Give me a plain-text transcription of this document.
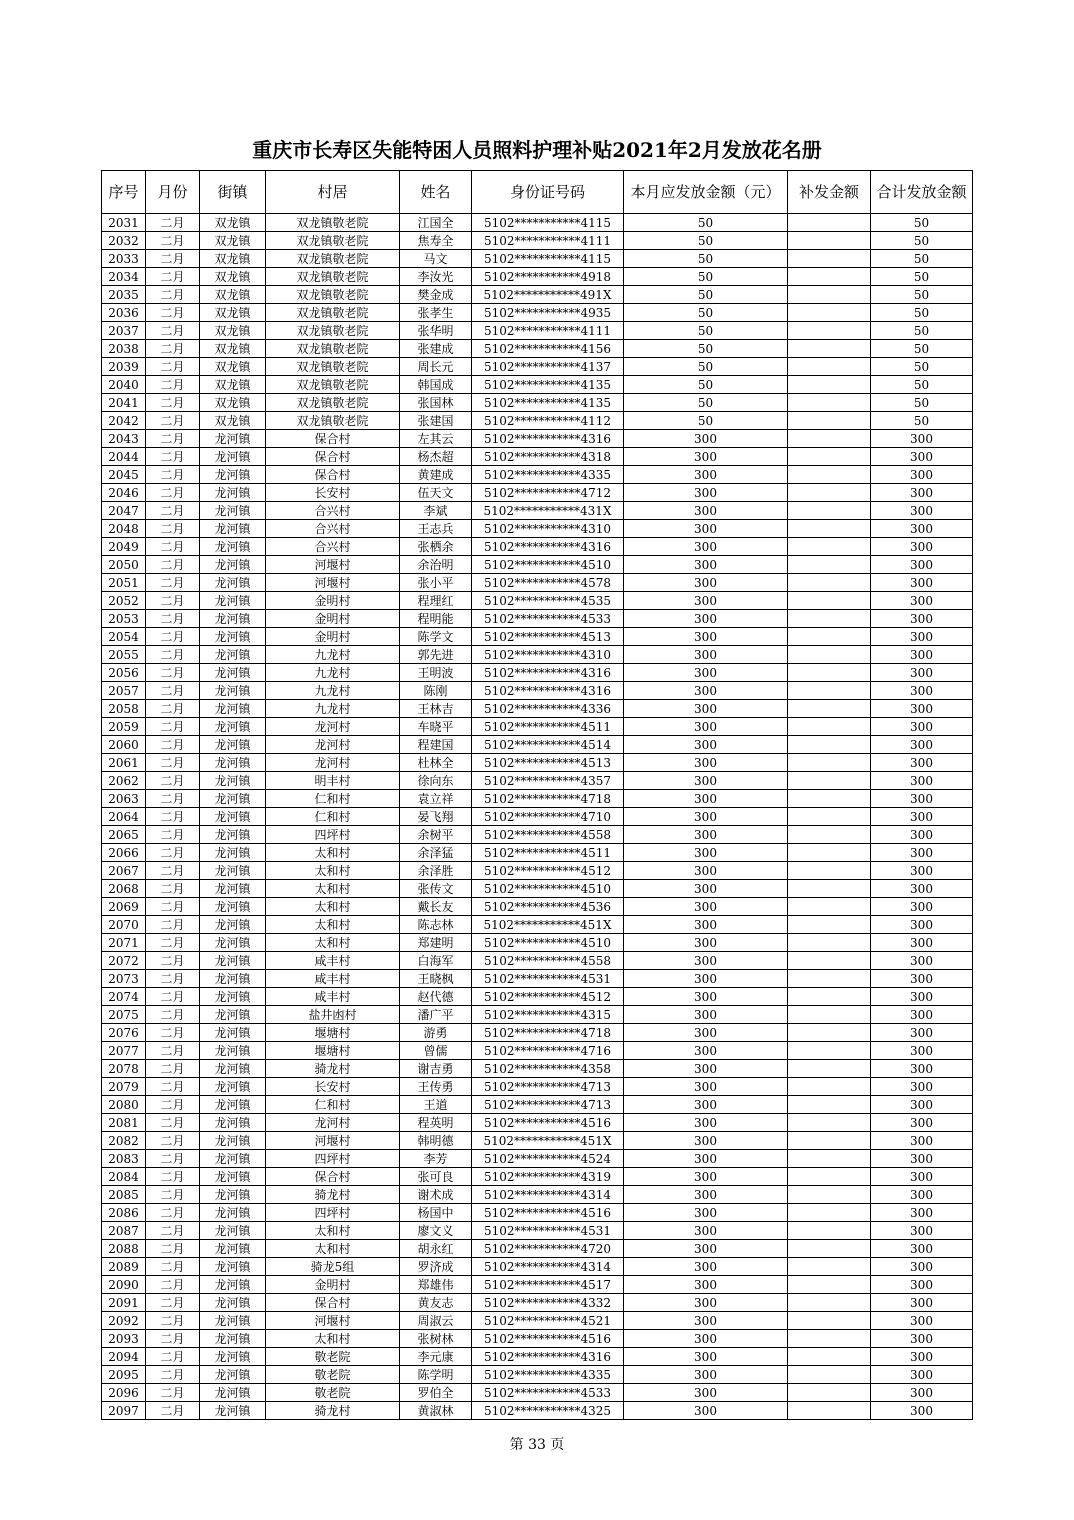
重庆市长寿区失能特困人员照料护理补贴2021年2月发放花名册
序号	月份	街镇	村居	姓名	身份证号码	本月应发放金额（元）	补发金额	合计发放金额
2031	二月	双龙镇	双龙镇敬老院	江国全	5102***********4115	50		50
2032	二月	双龙镇	双龙镇敬老院	焦寿全	5102***********4111	50		50
2033	二月	双龙镇	双龙镇敬老院	马文	5102***********4115	50		50
2034	二月	双龙镇	双龙镇敬老院	李汝光	5102***********4918	50		50
2035	二月	双龙镇	双龙镇敬老院	樊金成	5102***********491X	50		50
2036	二月	双龙镇	双龙镇敬老院	张孝生	5102***********4935	50		50
2037	二月	双龙镇	双龙镇敬老院	张华明	5102***********4111	50		50
2038	二月	双龙镇	双龙镇敬老院	张建成	5102***********4156	50		50
2039	二月	双龙镇	双龙镇敬老院	周长元	5102***********4137	50		50
2040	二月	双龙镇	双龙镇敬老院	韩国成	5102***********4135	50		50
2041	二月	双龙镇	双龙镇敬老院	张国林	5102***********4135	50		50
2042	二月	双龙镇	双龙镇敬老院	张建国	5102***********4112	50		50
2043	二月	龙河镇	保合村	左其云	5102***********4316	300		300
2044	二月	龙河镇	保合村	杨杰超	5102***********4318	300		300
2045	二月	龙河镇	保合村	黄建成	5102***********4335	300		300
2046	二月	龙河镇	长安村	伍天文	5102***********4712	300		300
2047	二月	龙河镇	合兴村	李斌	5102***********431X	300		300
2048	二月	龙河镇	合兴村	王志兵	5102***********4310	300		300
2049	二月	龙河镇	合兴村	张栖余	5102***********4316	300		300
2050	二月	龙河镇	河堰村	余治明	5102***********4510	300		300
2051	二月	龙河镇	河堰村	张小平	5102***********4578	300		300
2052	二月	龙河镇	金明村	程理红	5102***********4535	300		300
2053	二月	龙河镇	金明村	程明能	5102***********4533	300		300
2054	二月	龙河镇	金明村	陈学文	5102***********4513	300		300
2055	二月	龙河镇	九龙村	郭先进	5102***********4310	300		300
2056	二月	龙河镇	九龙村	王明波	5102***********4316	300		300
2057	二月	龙河镇	九龙村	陈刚	5102***********4316	300		300
2058	二月	龙河镇	九龙村	王林吉	5102***********4336	300		300
2059	二月	龙河镇	龙河村	车晓平	5102***********4511	300		300
2060	二月	龙河镇	龙河村	程建国	5102***********4514	300		300
2061	二月	龙河镇	龙河村	杜林全	5102***********4513	300		300
2062	二月	龙河镇	明丰村	徐向东	5102***********4357	300		300
2063	二月	龙河镇	仁和村	袁立祥	5102***********4718	300		300
2064	二月	龙河镇	仁和村	晏飞翔	5102***********4710	300		300
2065	二月	龙河镇	四坪村	余树平	5102***********4558	300		300
2066	二月	龙河镇	太和村	余泽猛	5102***********4511	300		300
2067	二月	龙河镇	太和村	余泽胜	5102***********4512	300		300
2068	二月	龙河镇	太和村	张传文	5102***********4510	300		300
2069	二月	龙河镇	太和村	戴长友	5102***********4536	300		300
2070	二月	龙河镇	太和村	陈志林	5102***********451X	300		300
2071	二月	龙河镇	太和村	郑建明	5102***********4510	300		300
2072	二月	龙河镇	咸丰村	白海军	5102***********4558	300		300
2073	二月	龙河镇	咸丰村	王晓枫	5102***********4531	300		300
2074	二月	龙河镇	咸丰村	赵代德	5102***********4512	300		300
2075	二月	龙河镇	盐井凼村	潘广平	5102***********4315	300		300
2076	二月	龙河镇	堰塘村	游勇	5102***********4718	300		300
2077	二月	龙河镇	堰塘村	曾儒	5102***********4716	300		300
2078	二月	龙河镇	骑龙村	谢吉勇	5102***********4358	300		300
2079	二月	龙河镇	长安村	王传勇	5102***********4713	300		300
2080	二月	龙河镇	仁和村	王道	5102***********4713	300		300
2081	二月	龙河镇	龙河村	程英明	5102***********4516	300		300
2082	二月	龙河镇	河堰村	韩明德	5102***********451X	300		300
2083	二月	龙河镇	四坪村	李芳	5102***********4524	300		300
2084	二月	龙河镇	保合村	张可良	5102***********4319	300		300
2085	二月	龙河镇	骑龙村	谢术成	5102***********4314	300		300
2086	二月	龙河镇	四坪村	杨国中	5102***********4516	300		300
2087	二月	龙河镇	太和村	廖文义	5102***********4531	300		300
2088	二月	龙河镇	太和村	胡永红	5102***********4720	300		300
2089	二月	龙河镇	骑龙5组	罗济成	5102***********4314	300		300
2090	二月	龙河镇	金明村	郑雄伟	5102***********4517	300		300
2091	二月	龙河镇	保合村	黄友志	5102***********4332	300		300
2092	二月	龙河镇	河堰村	周淑云	5102***********4521	300		300
2093	二月	龙河镇	太和村	张树林	5102***********4516	300		300
2094	二月	龙河镇	敬老院	李元康	5102***********4316	300		300
2095	二月	龙河镇	敬老院	陈学明	5102***********4335	300		300
2096	二月	龙河镇	敬老院	罗伯全	5102***********4533	300		300
2097	二月	龙河镇	骑龙村	黄淑林	5102***********4325	300		300
第 33 页
